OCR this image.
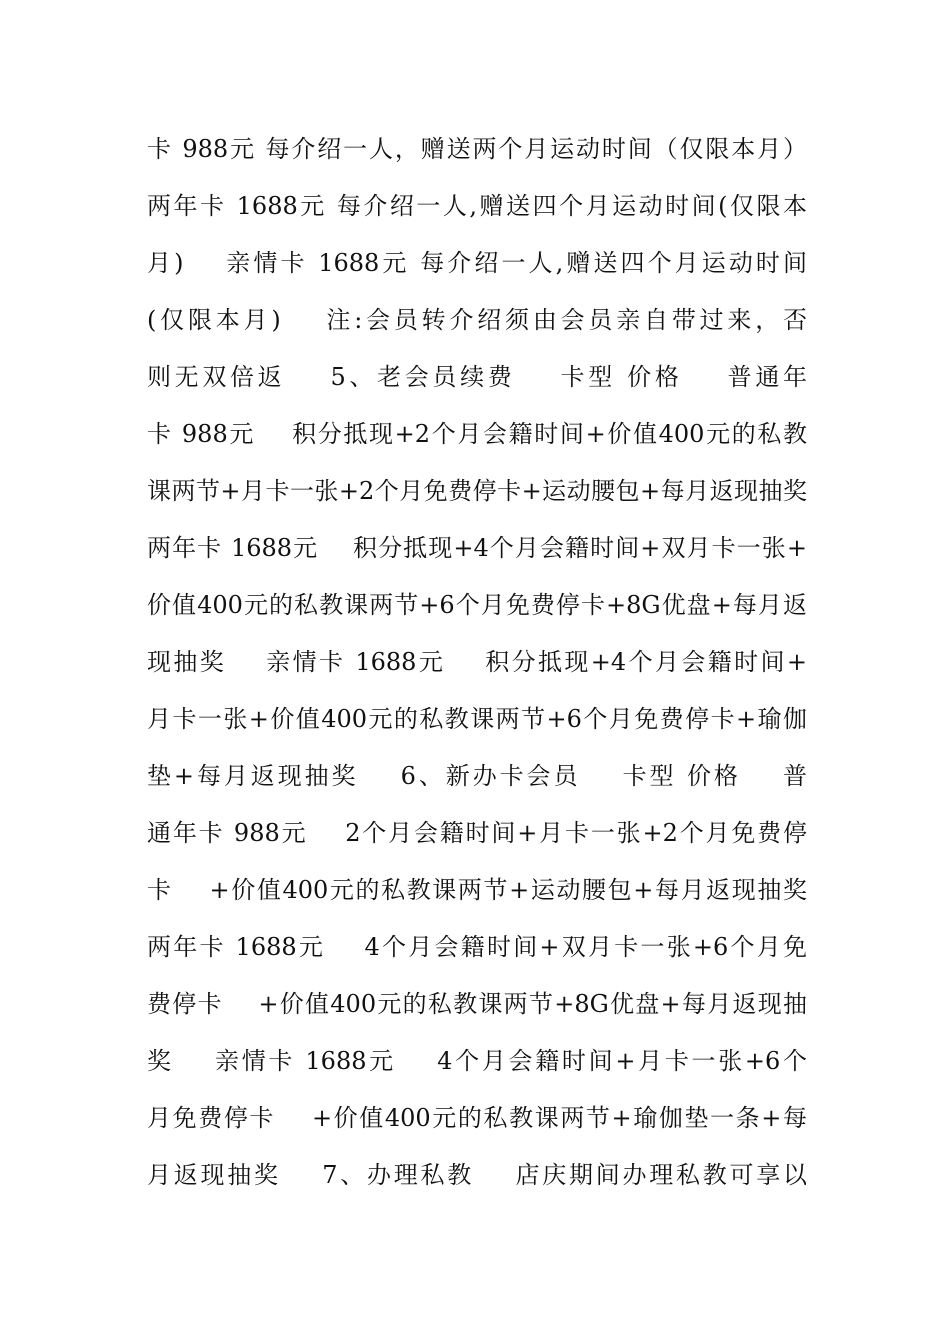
卡 988元 每介绍一人，赠送两个月运动时间（仅限本月）
两年卡 1688元 每介绍一人,赠送四个月运动时间(仅限本
月)    亲情卡 1688元 每介绍一人,赠送四个月运动时间
(仅限本月)    注:会员转介绍须由会员亲自带过来，否
则无双倍返    5、老会员续费    卡型 价格    普通年
卡 988元    积分抵现+2个月会籍时间+价值400元的私教
课两节+月卡一张+2个月免费停卡+运动腰包+每月返现抽奖
两年卡 1688元    积分抵现+4个月会籍时间+双月卡一张+
价值400元的私教课两节+6个月免费停卡+8G优盘+每月返
现抽奖    亲情卡 1688元    积分抵现+4个月会籍时间+
月卡一张+价值400元的私教课两节+6个月免费停卡+瑜伽
垫+每月返现抽奖    6、新办卡会员    卡型 价格    普
通年卡 988元    2个月会籍时间+月卡一张+2个月免费停
卡    +价值400元的私教课两节+运动腰包+每月返现抽奖
两年卡 1688元    4个月会籍时间+双月卡一张+6个月免
费停卡    +价值400元的私教课两节+8G优盘+每月返现抽
奖    亲情卡 1688元    4个月会籍时间+月卡一张+6个
月免费停卡    +价值400元的私教课两节+瑜伽垫一条+每
月返现抽奖    7、办理私教    店庆期间办理私教可享以
